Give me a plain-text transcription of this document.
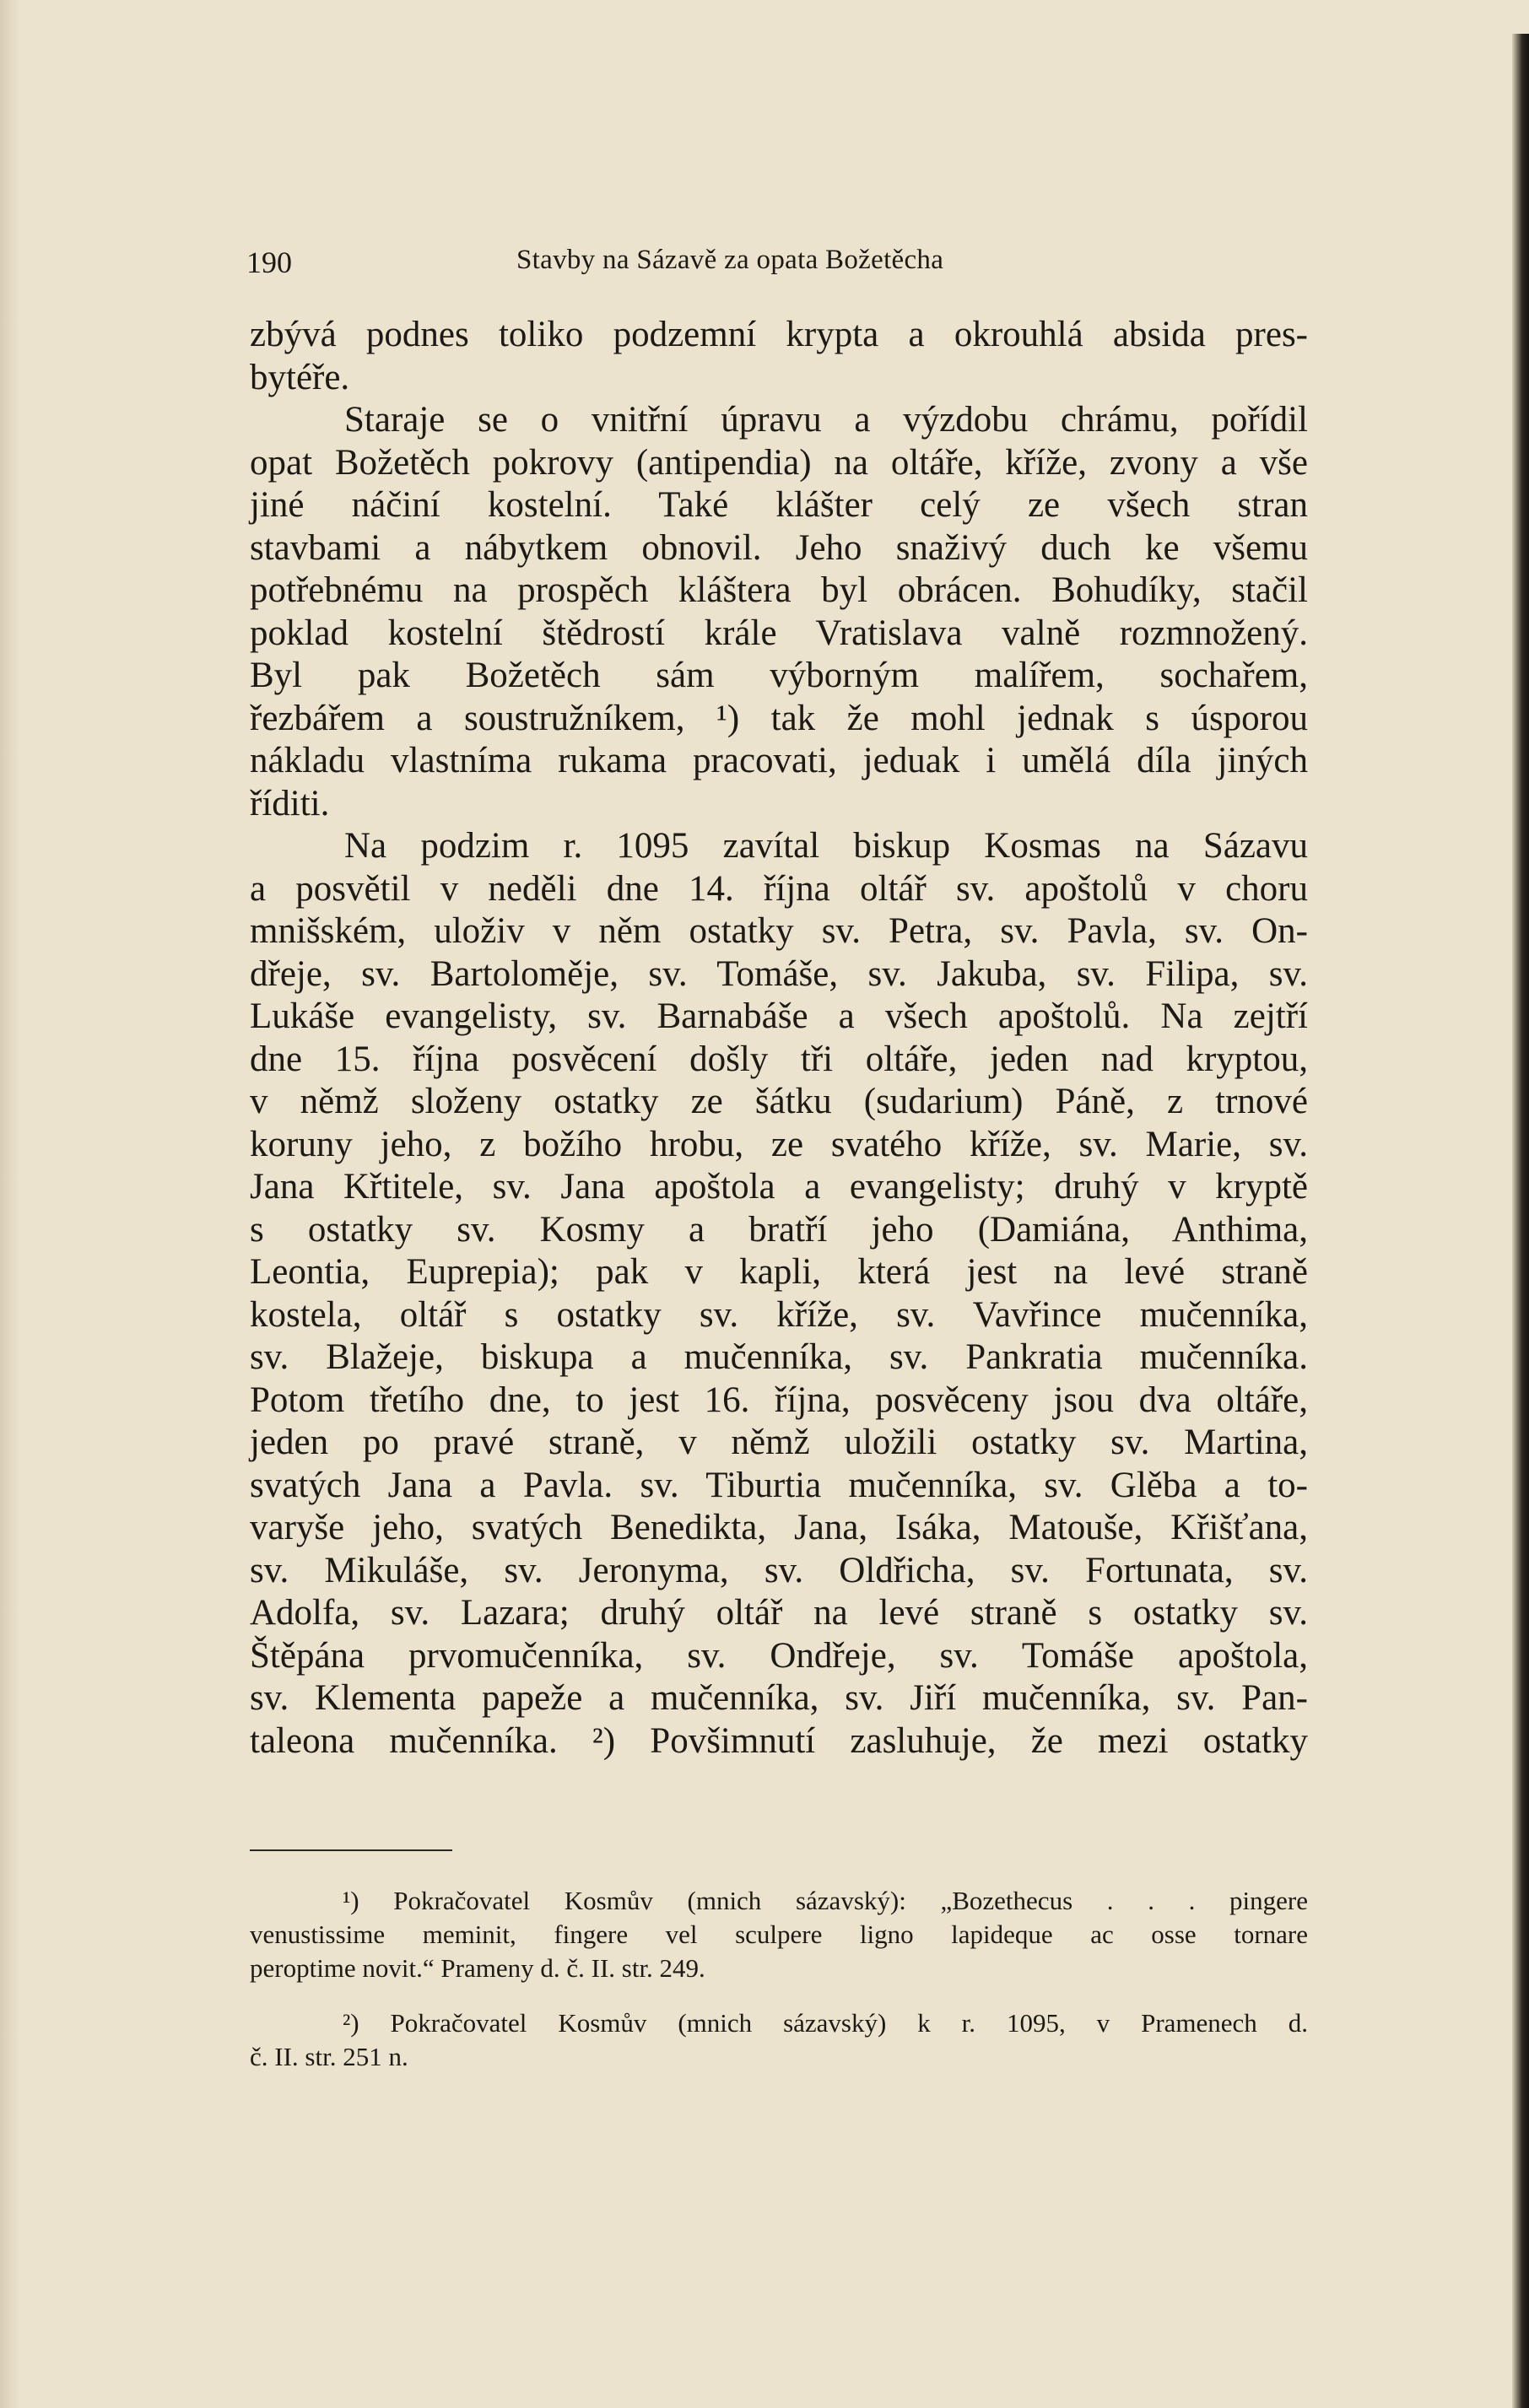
190	Stavby na Sázavě za opata Božetěcha
zbývá podnes toliko podzemní krypta a okrouhlá absida pres-
bytéře.
Staraje se o vnitřní úpravu a výzdobu chrámu, pořídil
opat Božetěch pokrovy (antipendia) na oltáře, kříže, zvony a vše
jiné náčiní kostelní. Také klášter celý ze všech stran
stavbami a nábytkem obnovil. Jeho snaživý duch ke všemu
potřebnému na prospěch kláštera byl obrácen. Bohudíky, stačil
poklad kostelní štědrostí krále Vratislava valně rozmnožený.
Byl pak Božetěch sám výborným malířem, sochařem,
řezbářem a soustružníkem, ¹) tak že mohl jednak s úsporou
nákladu vlastníma rukama pracovati, jeduak i umělá díla jiných
říditi.
Na podzim r. 1095 zavítal biskup Kosmas na Sázavu
a posvětil v neděli dne 14. října oltář sv. apoštolů v choru
mnišském, uloživ v něm ostatky sv. Petra, sv. Pavla, sv. On-
dřeje, sv. Bartoloměje, sv. Tomáše, sv. Jakuba, sv. Filipa, sv.
Lukáše evangelisty, sv. Barnabáše a všech apoštolů. Na zejtří
dne 15. října posvěcení došly tři oltáře, jeden nad kryptou,
v němž složeny ostatky ze šátku (sudarium) Páně, z trnové
koruny jeho, z božího hrobu, ze svatého kříže, sv. Marie, sv.
Jana Křtitele, sv. Jana apoštola a evangelisty; druhý v kryptě
s ostatky sv. Kosmy a bratří jeho (Damiána, Anthima,
Leontia, Euprepia); pak v kapli, která jest na levé straně
kostela, oltář s ostatky sv. kříže, sv. Vavřince mučenníka,
sv. Blažeje, biskupa a mučenníka, sv. Pankratia mučenníka.
Potom třetího dne, to jest 16. října, posvěceny jsou dva oltáře,
jeden po pravé straně, v němž uložili ostatky sv. Martina,
svatých Jana a Pavla. sv. Tiburtia mučenníka, sv. Glěba a to-
varyše jeho, svatých Benedikta, Jana, Isáka, Matouše, Křišťana,
sv. Mikuláše, sv. Jeronyma, sv. Oldřicha, sv. Fortunata, sv.
Adolfa, sv. Lazara; druhý oltář na levé straně s ostatky sv.
Štěpána prvomučenníka, sv. Ondřeje, sv. Tomáše apoštola,
sv. Klementa papeže a mučenníka, sv. Jiří mučenníka, sv. Pan-
taleona mučenníka. ²) Povšimnutí zasluhuje, že mezi ostatky
¹) Pokračovatel Kosmův (mnich sázavský): „Bozethecus . . . pingere
venustissime meminit, fingere vel sculpere ligno lapideque ac osse tornare
peroptime novit.“ Prameny d. č. II. str. 249.
²) Pokračovatel Kosmův (mnich sázavský) k r. 1095, v Pramenech d.
č. II. str. 251 n.
